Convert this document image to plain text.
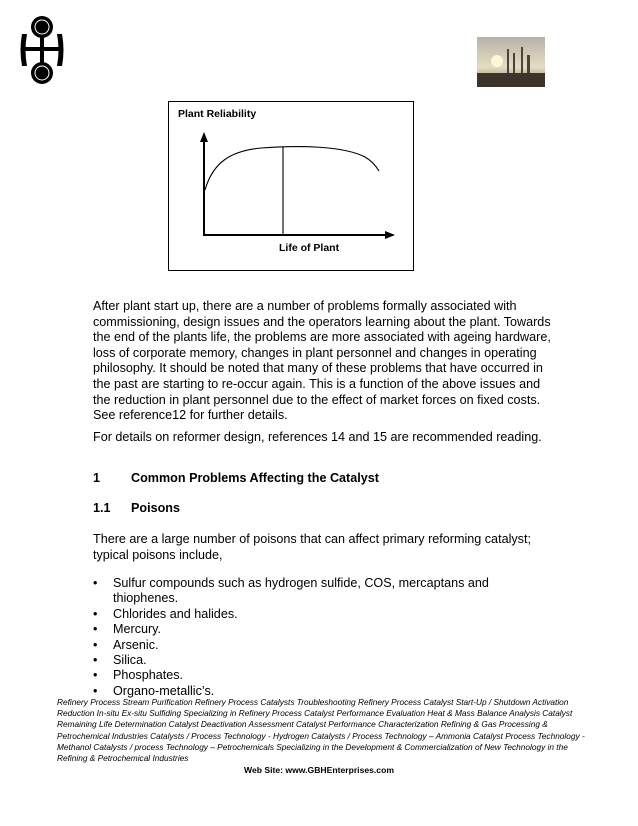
Plant Reliability
Life of Plant

After plant start up, there are a number of problems formally associated with commissioning, design issues and the operators learning about the plant. Towards the end of the plants life, the problems are more associated with ageing hardware, loss of corporate memory, changes in plant personnel and changes in operating philosophy. It should be noted that many of these problems that have occurred in the past are starting to re-occur again. This is a function of the above issues and the reduction in plant personnel due to the effect of market forces on fixed costs. See reference12 for further details.

For details on reformer design, references 14 and 15 are recommended reading.

1 Common Problems Affecting the Catalyst
1.1 Poisons

There are a large number of poisons that can affect primary reforming catalyst; typical poisons include,

• Sulfur compounds such as hydrogen sulfide, COS, mercaptans and thiophenes.
• Chlorides and halides.
• Mercury.
• Arsenic.
• Silica.
• Phosphates.
• Organo-metallic’s.
Refinery Process Stream Purification Refinery Process Catalysts Troubleshooting Refinery Process Catalyst Start-Up / Shutdown Activation Reduction In-situ Ex-situ Sulfiding Specializing in Refinery Process Catalyst Performance Evaluation Heat & Mass Balance Analysis Catalyst Remaining Life Determination Catalyst Deactivation Assessment Catalyst Performance Characterization Refining & Gas Processing & Petrochemical Industries Catalysts / Process Technology - Hydrogen Catalysts / Process Technology – Ammonia Catalyst Process Technology - Methanol Catalysts / process Technology – Petrochemicals Specializing in the Development & Commercialization of New Technology in the Refining & Petrochemical Industries
Web Site: www.GBHEnterprises.com
